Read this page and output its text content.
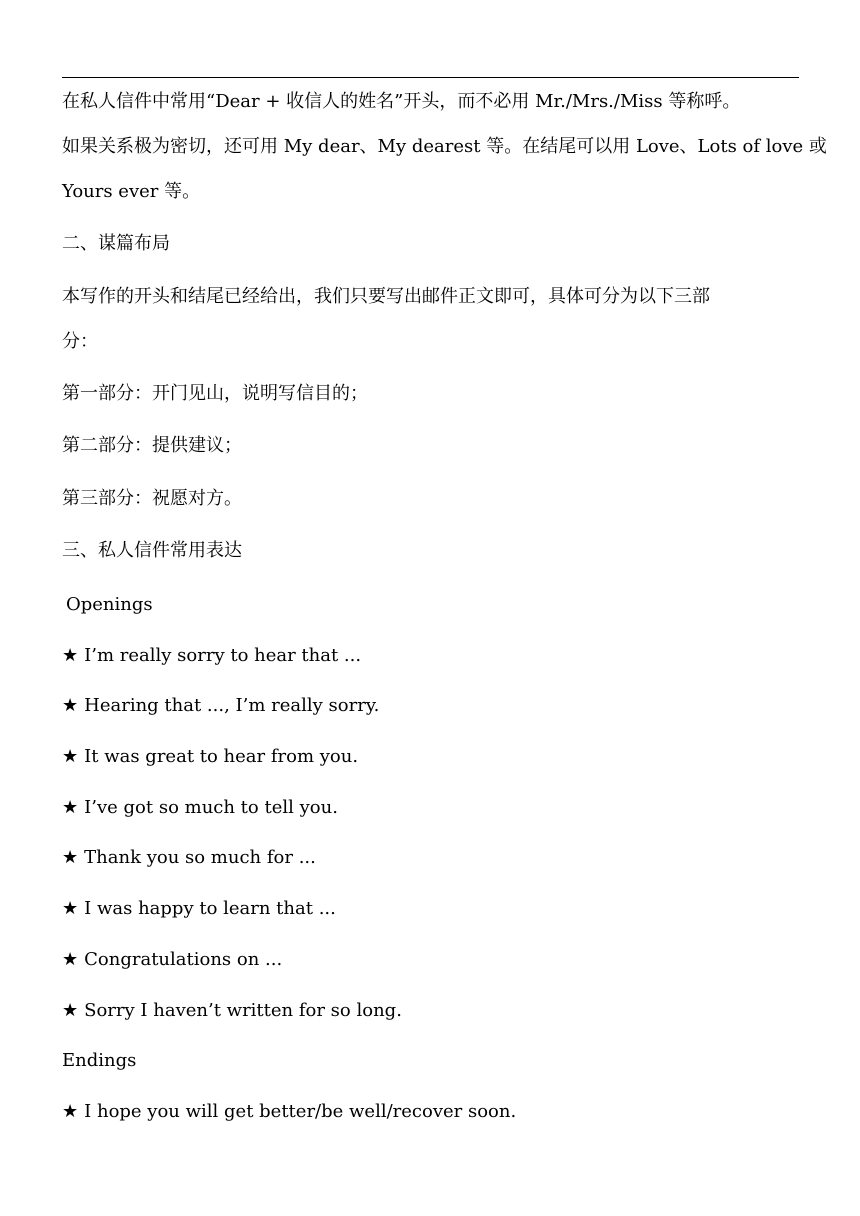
在私人信件中常用“Dear + 收信人的姓名”开头，而不必用 Mr./Mrs./Miss 等称呼。
如果关系极为密切，还可用 My dear、My dearest 等。在结尾可以用 Love、Lots of love 或
Yours ever 等。
二、谋篇布局
本写作的开头和结尾已经给出，我们只要写出邮件正文即可，具体可分为以下三部
分：
第一部分：开门见山，说明写信目的；
第二部分：提供建议；
第三部分：祝愿对方。
三、私人信件常用表达
Openings
★ I’m really sorry to hear that ...
★ Hearing that ..., I’m really sorry.
★ It was great to hear from you.
★ I’ve got so much to tell you.
★ Thank you so much for ...
★ I was happy to learn that ...
★ Congratulations on ...
★ Sorry I haven’t written for so long.
Endings
★ I hope you will get better/be well/recover soon.
